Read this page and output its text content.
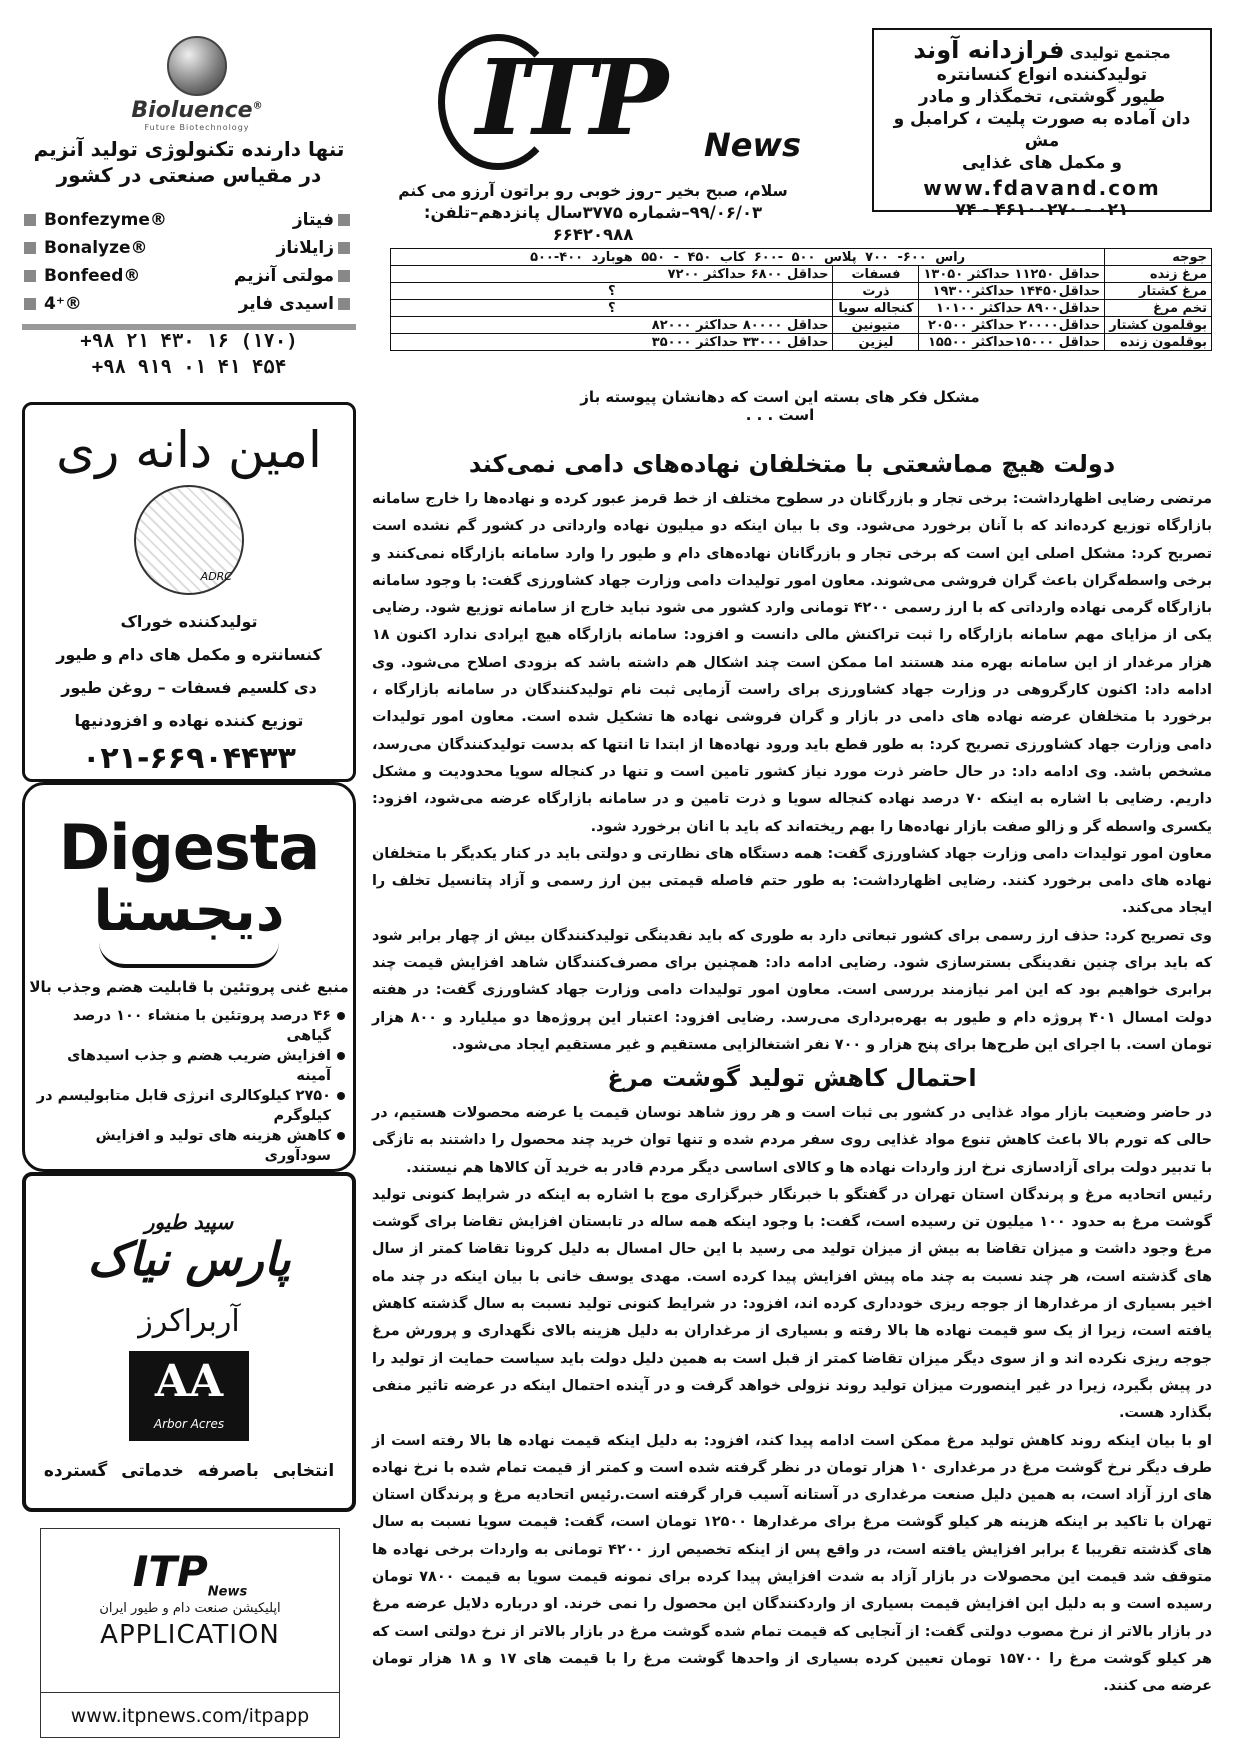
Bioluence®
Future Biotechnology
تنها دارنده تکنولوژی تولید آنزیم
در مقیاس صنعتی در کشور
Bonfezyme®	فیتاز
Bonalyze®	زایلاناز
Bonfeed®	مولتی آنزیم
4⁺®	اسیدی فایر
(۱۷۰) ۱۶ ۴۳۰ ۲۱ ۹۸+
۴۵۴ ۴۱ ۰۱ ۹۱۹ ۹۸+
امین دانه ری
ADRC
تولیدکننده خوراک
کنسانتره و مکمل های دام و طیور
دی کلسیم فسفات – روغن طیور
توزیع کننده نهاده و افزودنیها
۰۲۱-۶۶۹۰۴۴۳۳
Digesta
دیجستا
منبع غنی پروتئین با قابلیت هضم وجذب بالا
۴۶ درصد پروتئین با منشاء ۱۰۰ درصد گیاهی
افزایش ضریب هضم و جذب اسیدهای آمینه
۲۷۵۰ کیلوکالری انرژی قابل متابولیسم در کیلوگرم
کاهش هزینه های تولید و افزایش سودآوری
سپید طیور
پارس نیاک
آربراکرز
AA
Arbor Acres
انتخابی باصرفه خدماتی گسترده
$ITP_{News}$
اپلیکیشن صنعت دام و طیور ایران
APPLICATION
www.itpnews.com/itpapp
ITP News
سلام، صبح بخیر –روز خوبی رو براتون آرزو می کنم
۹۹/۰۶/۰۳–شماره ۳۷۷۵سال پانزدهم–تلفن: ۶۶۴۲۰۹۸۸
مجتمع تولیدی فرازدانه آوند
تولیدکننده انواع کنسانتره
طیور گوشتی، تخمگذار و مادر
دان آماده به صورت پلیت ، کرامبل و مش
و مکمل های غذایی
www.fdavand.com
۰۲۱ - ۴۶۱۰۰۲۷۰ - ۷۴
جوجه	راس ۶۰۰- ۷۰۰ پلاس ۵۰۰ -۶۰۰ کاب ۴۵۰ - ۵۵۰ هوبارد ۴۰۰-۵۰۰		
مرغ زنده	حداقل ۱۱۲۵۰ حداکثر ۱۳۰۵۰	فسفات	حداقل ۶۸۰۰ حداکثر ۷۲۰۰
مرغ کشتار	حداقل۱۴۴۵۰ حداکثر۱۹۳۰۰	ذرت	؟
تخم مرغ	حداقل۸۹۰۰ حداکثر ۱۰۱۰۰	کنجاله سویا	؟
بوقلمون کشتار	حداقل۲۰۰۰۰ حداکثر ۲۰۵۰۰	متیونین	حداقل ۸۰۰۰۰ حداکثر ۸۲۰۰۰
بوقلمون زنده	حداقل ۱۵۰۰۰حداکثر ۱۵۵۰۰	لیزین	حداقل ۳۳۰۰۰ حداکثر ۳۵۰۰۰
مشکل فکر های بسته این است که دهانشان پیوسته باز است . . .
دولت هیچ مماشعتی با متخلفان نهاده‌های دامی نمی‌کند

مرتضی رضایی اظهارداشت: برخی تجار و بازرگانان در سطوح مختلف از خط قرمز عبور کرده و نهاده‌ها را خارج سامانه بازارگاه توزیع کرده‌اند که با آنان برخورد می‌شود. وی با بیان اینکه دو میلیون نهاده وارداتی در کشور گم نشده است تصریح کرد: مشکل اصلی این است که برخی تجار و بازرگانان نهاده‌های دام و طیور را وارد سامانه بازارگاه نمی‌کنند و برخی واسطه‌گران باعث گران فروشی می‌شوند. معاون امور تولیدات دامی وزارت جهاد کشاورزی گفت: با وجود سامانه بازارگاه گرمی نهاده وارداتی که با ارز رسمی ۴۲۰۰ تومانی وارد کشور می شود نباید خارج از سامانه توزیع شود. رضایی یکی از مزایای مهم سامانه بازارگاه را ثبت تراکنش مالی دانست و افزود: سامانه بازارگاه هیچ ایرادی ندارد اکنون ۱۸ هزار مرغدار از این سامانه بهره مند هستند اما ممکن است چند اشکال هم داشته باشد که بزودی اصلاح می‌شود. وی ادامه داد: اکنون کارگروهی در وزارت جهاد کشاورزی برای راست آزمایی ثبت نام تولیدکنندگان در سامانه بازارگاه ، برخورد با متخلفان عرضه نهاده های دامی در بازار و گران فروشی نهاده ها تشکیل شده است. معاون امور تولیدات دامی وزارت جهاد کشاورزی تصریح کرد: به طور قطع باید ورود نهاده‌ها از ابتدا تا انتها که بدست تولیدکنندگان می‌رسد، مشخص باشد. وی ادامه داد: در حال حاضر ذرت مورد نیاز کشور تامین است و تنها در کنجاله سویا محدودیت و مشکل داریم. رضایی با اشاره به اینکه ۷۰ درصد نهاده کنجاله سویا و ذرت تامین و در سامانه بازارگاه عرضه می‌شود، افزود: یکسری واسطه گر و زالو صفت بازار نهاده‌ها را بهم ریخته‌اند که باید با انان برخورد شود.

معاون امور تولیدات دامی وزارت جهاد کشاورزی گفت: همه دستگاه های نظارتی و دولتی باید در کنار یکدیگر با متخلفان نهاده های دامی برخورد کنند. رضایی اظهارداشت: به طور حتم فاصله قیمتی بین ارز رسمی و آزاد پتانسیل تخلف را ایجاد می‌کند.

وی تصریح کرد: حذف ارز رسمی برای کشور تبعاتی دارد به طوری که باید نقدینگی تولیدکنندگان بیش از چهار برابر شود که باید برای چنین نقدینگی بسترسازی شود. رضایی ادامه داد: همچنین برای مصرف‌کنندگان شاهد افزایش قیمت چند برابری خواهیم بود که این امر نیازمند بررسی است. معاون امور تولیدات دامی وزارت جهاد کشاورزی گفت: در هفته دولت امسال ۴۰۱ پروژه دام و طیور به بهره‌برداری می‌رسد. رضایی افزود: اعتبار این پروژه‌ها دو میلیارد و ۸۰۰ هزار تومان است. با اجرای این طرح‌ها برای پنج هزار و ۷۰۰ نفر اشتغالزایی مستقیم و غیر مستقیم ایجاد می‌شود.

احتمال کاهش تولید گوشت مرغ

در حاضر وضعیت بازار مواد غذایی در کشور بی ثبات است و هر روز شاهد نوسان قیمت یا عرضه محصولات هستیم، در حالی که تورم بالا باعث کاهش تنوع مواد غذایی روی سفر مردم شده و تنها توان خرید چند محصول را داشتند به تازگی با تدبیر دولت برای آزادسازی نرخ ارز واردات نهاده ها و کالای اساسی دیگر مردم قادر به خرید آن کالاها هم نیستند.

رئیس اتحادیه مرغ و پرندگان استان تهران در گفتگو با خبرنگار خبرگزاری موج با اشاره به اینکه در شرایط کنونی تولید گوشت مرغ به حدود ۱۰۰ میلیون تن رسیده است، گفت: با وجود اینکه همه ساله در تابستان افزایش تقاضا برای گوشت مرغ وجود داشت و میزان تقاضا به بیش از میزان تولید می رسید با این حال امسال به دلیل کرونا تقاضا کمتر از سال های گذشته است، هر چند نسبت به چند ماه پیش افزایش پیدا کرده است. مهدی یوسف خانی با بیان اینکه در چند ماه اخیر بسیاری از مرغدارها از جوجه ریزی خودداری کرده اند، افزود: در شرایط کنونی تولید نسبت به سال گذشته کاهش یافته است، زیرا از یک سو قیمت نهاده ها بالا رفته و بسیاری از مرغداران به دلیل هزینه بالای نگهداری و پرورش مرغ جوجه ریزی نکرده اند و از سوی دیگر میزان تقاضا کمتر از قبل است به همین دلیل دولت باید سیاست حمایت از تولید را در پیش بگیرد، زیرا در غیر اینصورت میزان تولید روند نزولی خواهد گرفت و در آینده احتمال اینکه در عرضه تاثیر منفی بگذارد هست.

او با بیان اینکه روند کاهش تولید مرغ ممکن است ادامه پیدا کند، افزود: به دلیل اینکه قیمت نهاده ها بالا رفته است از طرف دیگر نرخ گوشت مرغ در مرغداری ۱۰ هزار تومان در نظر گرفته شده است و کمتر از قیمت تمام شده با نرخ نهاده های ارز آزاد است، به همین دلیل صنعت مرغداری در آستانه آسیب قرار گرفته است.رئیس اتحادیه مرغ و پرندگان استان تهران با تاکید بر اینکه هزینه هر کیلو گوشت مرغ برای مرغدارها ۱۲۵۰۰ تومان است، گفت: قیمت سویا نسبت به سال های گذشته تقریبا ٤ برابر افزایش یافته است، در واقع پس از اینکه تخصیص ارز ۴۲۰۰ تومانی به واردات برخی نهاده ها متوقف شد قیمت این محصولات در بازار آزاد به شدت افزایش پیدا کرده برای نمونه قیمت سویا به قیمت ۷۸۰۰ تومان رسیده است و به دلیل این افزایش قیمت بسیاری از واردکنندگان این محصول را نمی خرند. او درباره دلایل عرضه مرغ در بازار بالاتر از نرخ مصوب دولتی گفت: از آنجایی که قیمت تمام شده گوشت مرغ در بازار بالاتر از نرخ دولتی است که هر کیلو گوشت مرغ را ۱۵۷۰۰ تومان تعیین کرده بسیاری از واحدها گوشت مرغ را با قیمت های ۱۷ و ۱۸ هزار تومان عرضه می کنند.
